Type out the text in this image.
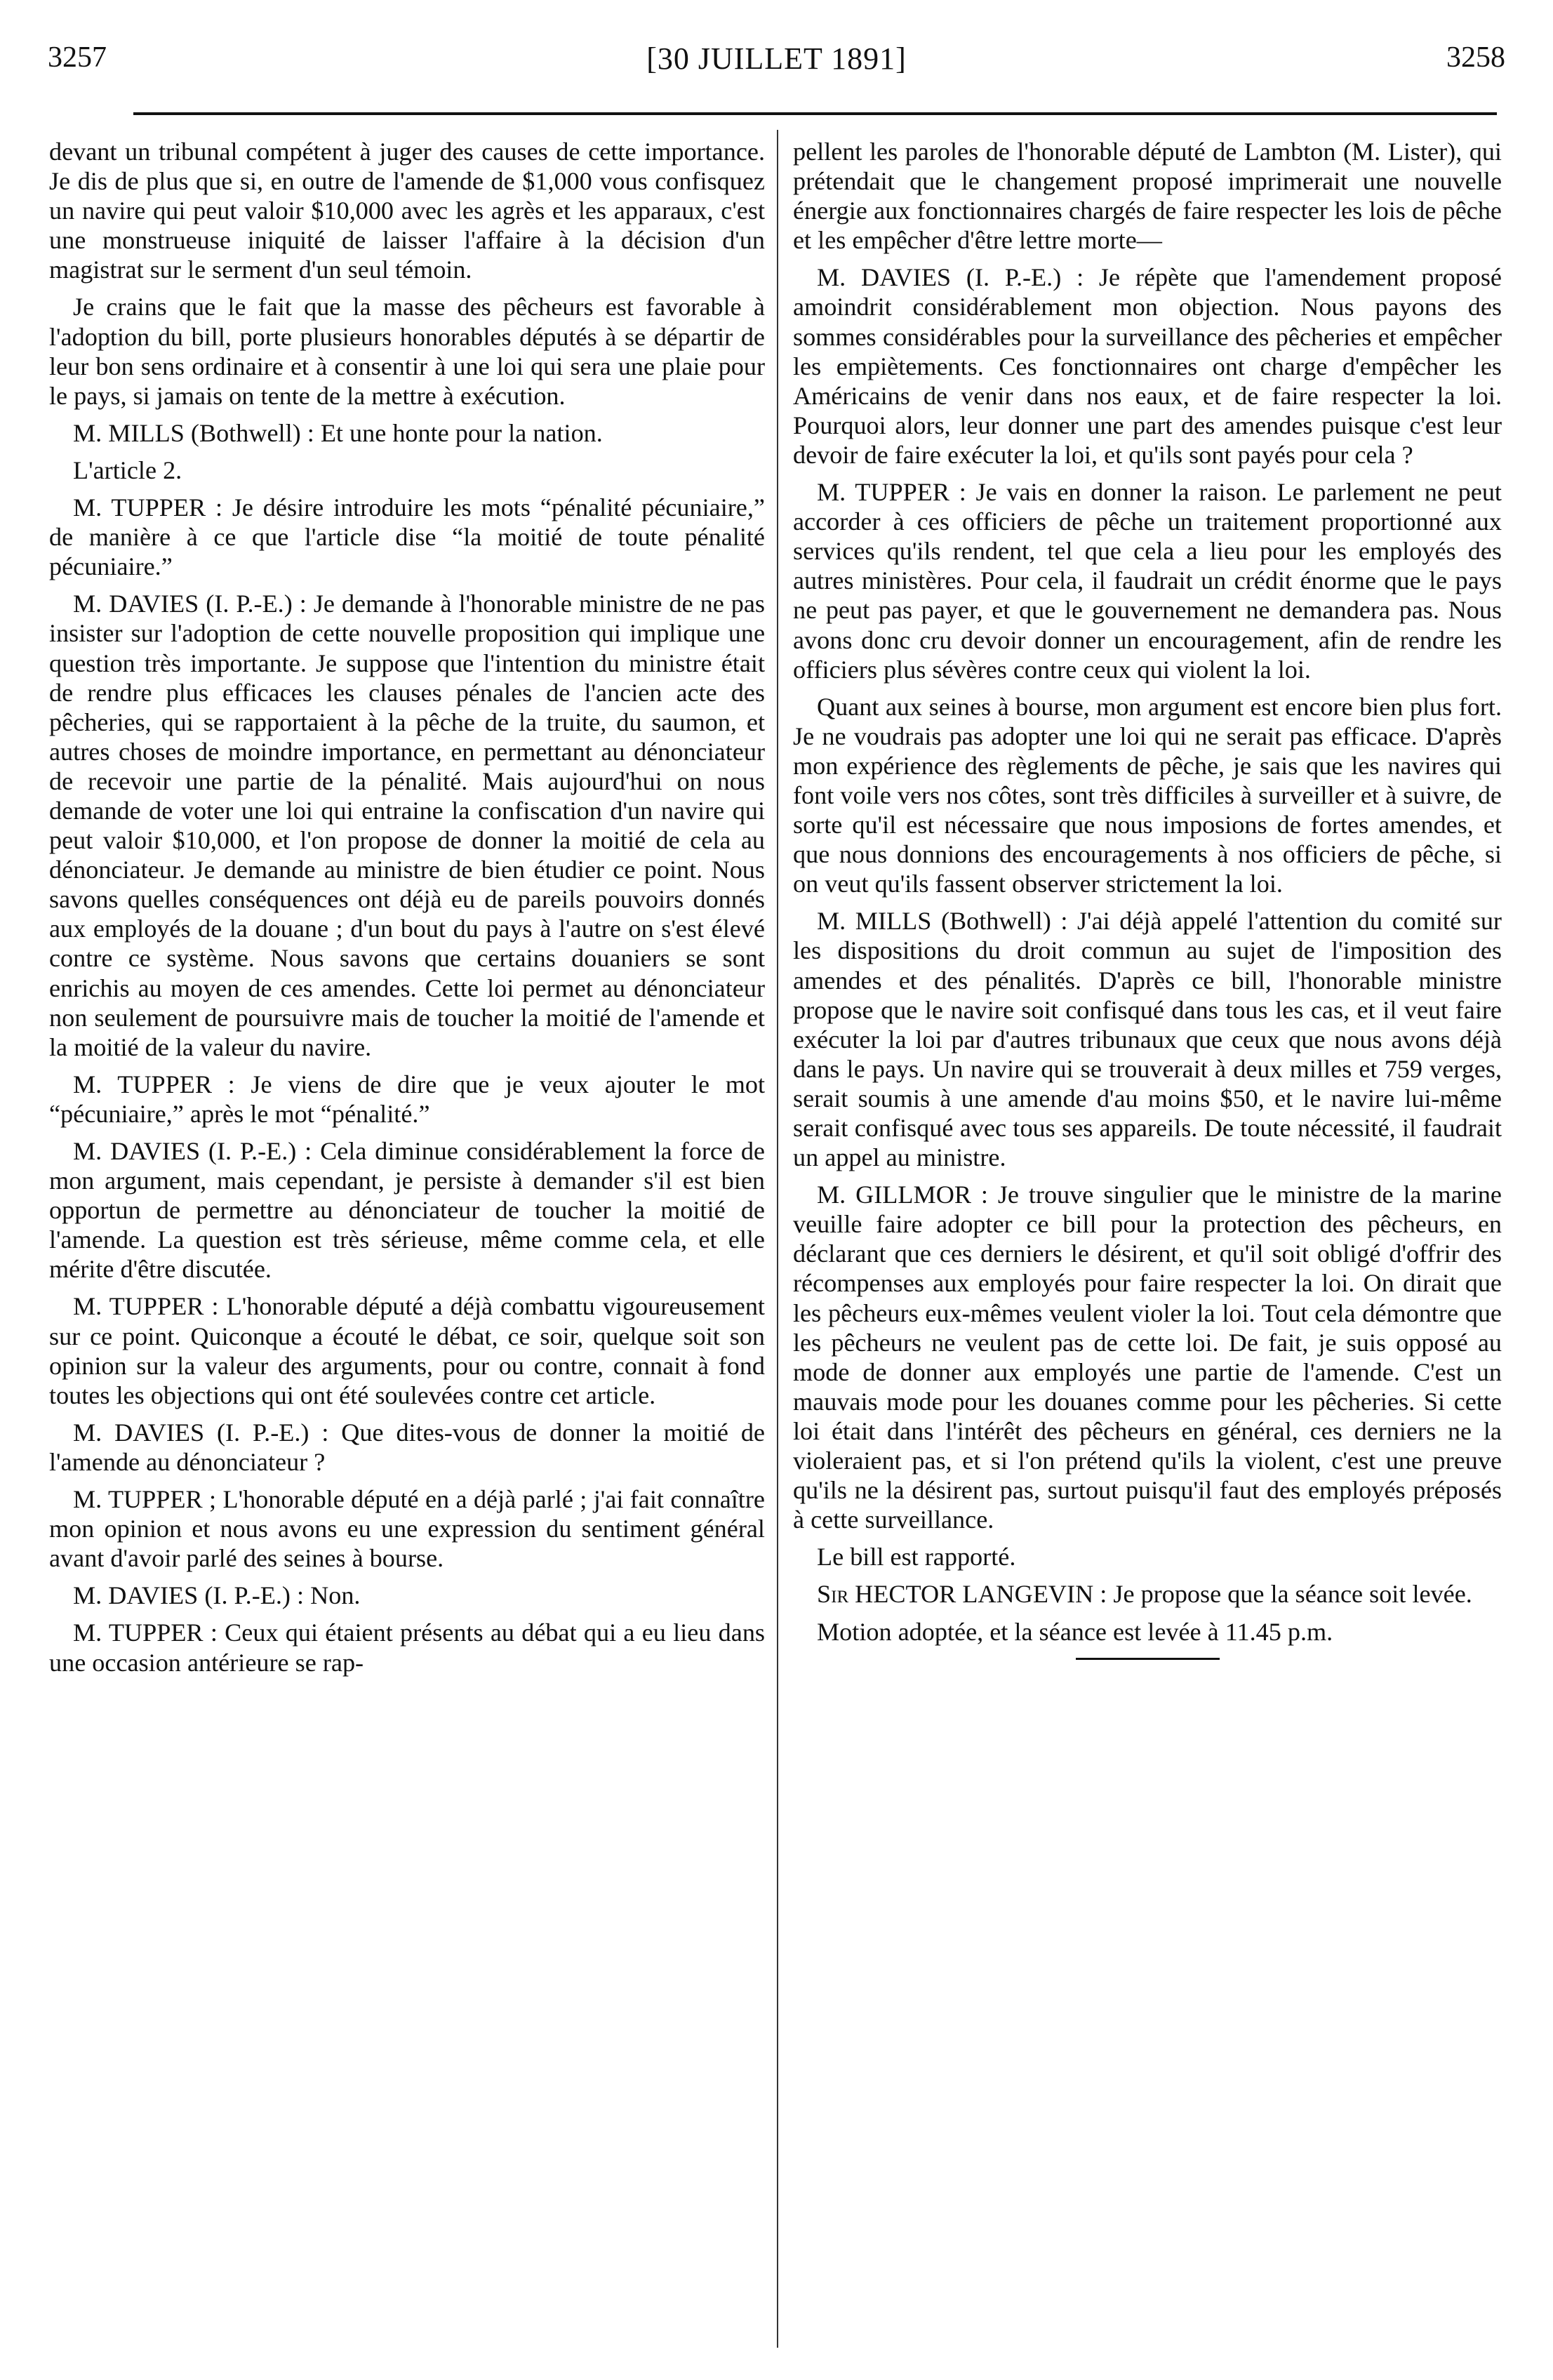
3257	[30 JUILLET 1891]	3258

devant un tribunal compétent à juger des causes de cette importance. Je dis de plus que si, en outre de l'amende de $1,000 vous confisquez un navire qui peut valoir $10,000 avec les agrès et les apparaux, c'est une monstrueuse iniquité de laisser l'affaire à la décision d'un magistrat sur le serment d'un seul témoin.

Je crains que le fait que la masse des pêcheurs est favorable à l'adoption du bill, porte plusieurs honorables députés à se départir de leur bon sens ordinaire et à consentir à une loi qui sera une plaie pour le pays, si jamais on tente de la mettre à exécution.

M. MILLS (Bothwell) : Et une honte pour la nation.

L'article 2.

M. TUPPER : Je désire introduire les mots “pénalité pécuniaire,” de manière à ce que l'article dise “la moitié de toute pénalité pécuniaire.”

M. DAVIES (I. P.-E.) : Je demande à l'honorable ministre de ne pas insister sur l'adoption de cette nouvelle proposition qui implique une question très importante. Je suppose que l'intention du ministre était de rendre plus efficaces les clauses pénales de l'ancien acte des pêcheries, qui se rapportaient à la pêche de la truite, du saumon, et autres choses de moindre importance, en permettant au dénonciateur de recevoir une partie de la pénalité. Mais aujourd'hui on nous demande de voter une loi qui entraine la confiscation d'un navire qui peut valoir $10,000, et l'on propose de donner la moitié de cela au dénonciateur. Je demande au ministre de bien étudier ce point. Nous savons quelles conséquences ont déjà eu de pareils pouvoirs donnés aux employés de la douane ; d'un bout du pays à l'autre on s'est élevé contre ce système. Nous savons que certains douaniers se sont enrichis au moyen de ces amendes. Cette loi permet au dénonciateur non seulement de poursuivre mais de toucher la moitié de l'amende et la moitié de la valeur du navire.

M. TUPPER : Je viens de dire que je veux ajouter le mot “pécuniaire,” après le mot “pénalité.”

M. DAVIES (I. P.-E.) : Cela diminue considérablement la force de mon argument, mais cependant, je persiste à demander s'il est bien opportun de permettre au dénonciateur de toucher la moitié de l'amende. La question est très sérieuse, même comme cela, et elle mérite d'être discutée.

M. TUPPER : L'honorable député a déjà combattu vigoureusement sur ce point. Quiconque a écouté le débat, ce soir, quelque soit son opinion sur la valeur des arguments, pour ou contre, connait à fond toutes les objections qui ont été soulevées contre cet article.

M. DAVIES (I. P.-E.) : Que dites-vous de donner la moitié de l'amende au dénonciateur ?

M. TUPPER ; L'honorable député en a déjà parlé ; j'ai fait connaître mon opinion et nous avons eu une expression du sentiment général avant d'avoir parlé des seines à bourse.

M. DAVIES (I. P.-E.) : Non.

M. TUPPER : Ceux qui étaient présents au débat qui a eu lieu dans une occasion antérieure se rap-

pellent les paroles de l'honorable député de Lambton (M. Lister), qui prétendait que le changement proposé imprimerait une nouvelle énergie aux fonctionnaires chargés de faire respecter les lois de pêche et les empêcher d'être lettre morte—

M. DAVIES (I. P.-E.) : Je répète que l'amendement proposé amoindrit considérablement mon objection. Nous payons des sommes considérables pour la surveillance des pêcheries et empêcher les empiètements. Ces fonctionnaires ont charge d'empêcher les Américains de venir dans nos eaux, et de faire respecter la loi. Pourquoi alors, leur donner une part des amendes puisque c'est leur devoir de faire exécuter la loi, et qu'ils sont payés pour cela ?

M. TUPPER : Je vais en donner la raison. Le parlement ne peut accorder à ces officiers de pêche un traitement proportionné aux services qu'ils rendent, tel que cela a lieu pour les employés des autres ministères. Pour cela, il faudrait un crédit énorme que le pays ne peut pas payer, et que le gouvernement ne demandera pas. Nous avons donc cru devoir donner un encouragement, afin de rendre les officiers plus sévères contre ceux qui violent la loi.

Quant aux seines à bourse, mon argument est encore bien plus fort. Je ne voudrais pas adopter une loi qui ne serait pas efficace. D'après mon expérience des règlements de pêche, je sais que les navires qui font voile vers nos côtes, sont très difficiles à surveiller et à suivre, de sorte qu'il est nécessaire que nous imposions de fortes amendes, et que nous donnions des encouragements à nos officiers de pêche, si on veut qu'ils fassent observer strictement la loi.

M. MILLS (Bothwell) : J'ai déjà appelé l'attention du comité sur les dispositions du droit commun au sujet de l'imposition des amendes et des pénalités. D'après ce bill, l'honorable ministre propose que le navire soit confisqué dans tous les cas, et il veut faire exécuter la loi par d'autres tribunaux que ceux que nous avons déjà dans le pays. Un navire qui se trouverait à deux milles et 759 verges, serait soumis à une amende d'au moins $50, et le navire lui-même serait confisqué avec tous ses appareils. De toute nécessité, il faudrait un appel au ministre.

M. GILLMOR : Je trouve singulier que le ministre de la marine veuille faire adopter ce bill pour la protection des pêcheurs, en déclarant que ces derniers le désirent, et qu'il soit obligé d'offrir des récompenses aux employés pour faire respecter la loi. On dirait que les pêcheurs eux-mêmes veulent violer la loi. Tout cela démontre que les pêcheurs ne veulent pas de cette loi. De fait, je suis opposé au mode de donner aux employés une partie de l'amende. C'est un mauvais mode pour les douanes comme pour les pêcheries. Si cette loi était dans l'intérêt des pêcheurs en général, ces derniers ne la violeraient pas, et si l'on prétend qu'ils la violent, c'est une preuve qu'ils ne la désirent pas, surtout puisqu'il faut des employés préposés à cette surveillance.

Le bill est rapporté.

Sir HECTOR LANGEVIN : Je propose que la séance soit levée.

Motion adoptée, et la séance est levée à 11.45 p.m.
